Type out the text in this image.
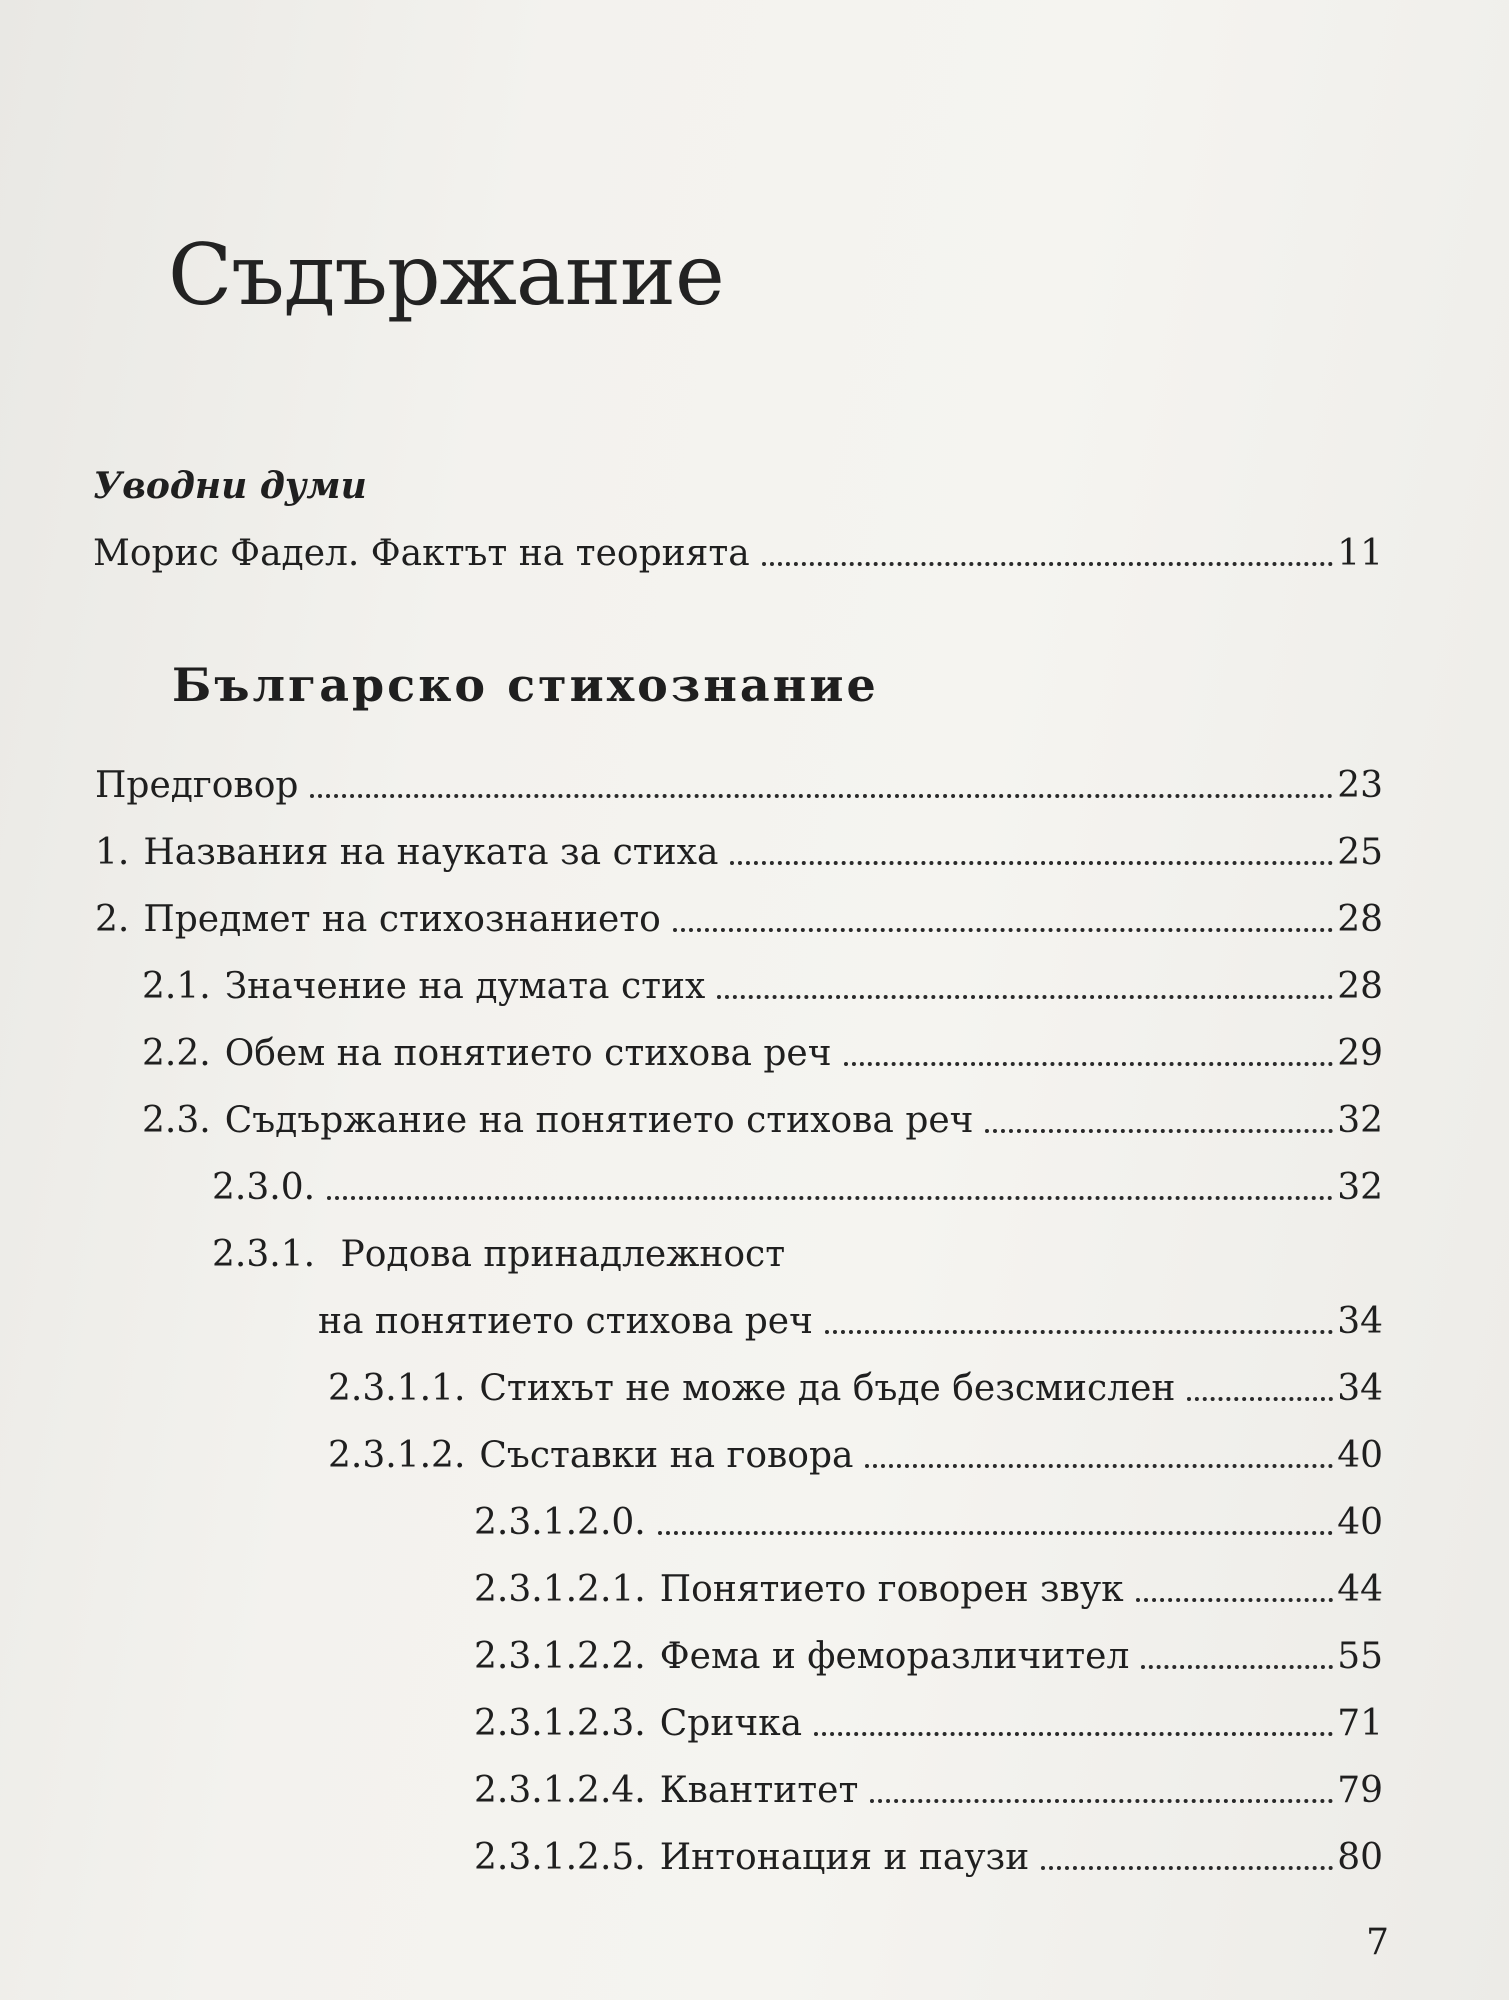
Съдържание
Уводни думи
Морис Фадел. Фактът на теорията	11
Българско стихознание
Предговор	23
1. Названия на науката за стиха	25
2. Предмет на стихознанието	28
2.1. Значение на думата стих	28
2.2. Обем на понятието стихова реч	29
2.3. Съдържание на понятието стихова реч	32
2.3.0.	32
2.3.1. Родова принадлежност
на понятието стихова реч	34
2.3.1.1. Стихът не може да бъде безсмислен	34
2.3.1.2. Съставки на говора	40
2.3.1.2.0.	40
2.3.1.2.1. Понятието говорен звук	44
2.3.1.2.2. Фема и феморазличител	55
2.3.1.2.3. Сричка	71
2.3.1.2.4. Квантитет	79
2.3.1.2.5. Интонация и паузи	80

7
